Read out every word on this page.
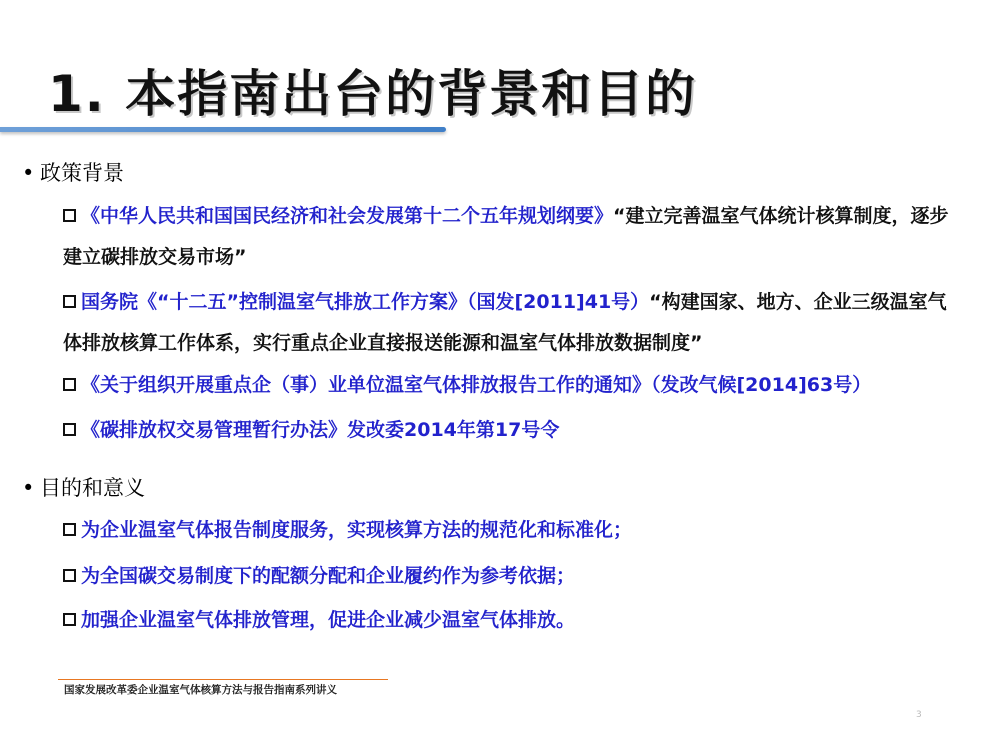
1. 本指南出台的背景和目的
• 政策背景
《中华人民共和国国民经济和社会发展第十二个五年规划纲要》“建立完善温室气体统计核算制度，逐步建立碳排放交易市场”
国务院《“十二五”控制温室气排放工作方案》（国发[2011]41号）“构建国家、地方、企业三级温室气体排放核算工作体系，实行重点企业直接报送能源和温室气体排放数据制度”
《关于组织开展重点企（事）业单位温室气体排放报告工作的通知》（发改气候[2014]63号）
《碳排放权交易管理暂行办法》发改委2014年第17号令
• 目的和意义
为企业温室气体报告制度服务，实现核算方法的规范化和标准化；
为全国碳交易制度下的配额分配和企业履约作为参考依据；
加强企业温室气体排放管理，促进企业减少温室气体排放。
国家发展改革委企业温室气体核算方法与报告指南系列讲义
3
